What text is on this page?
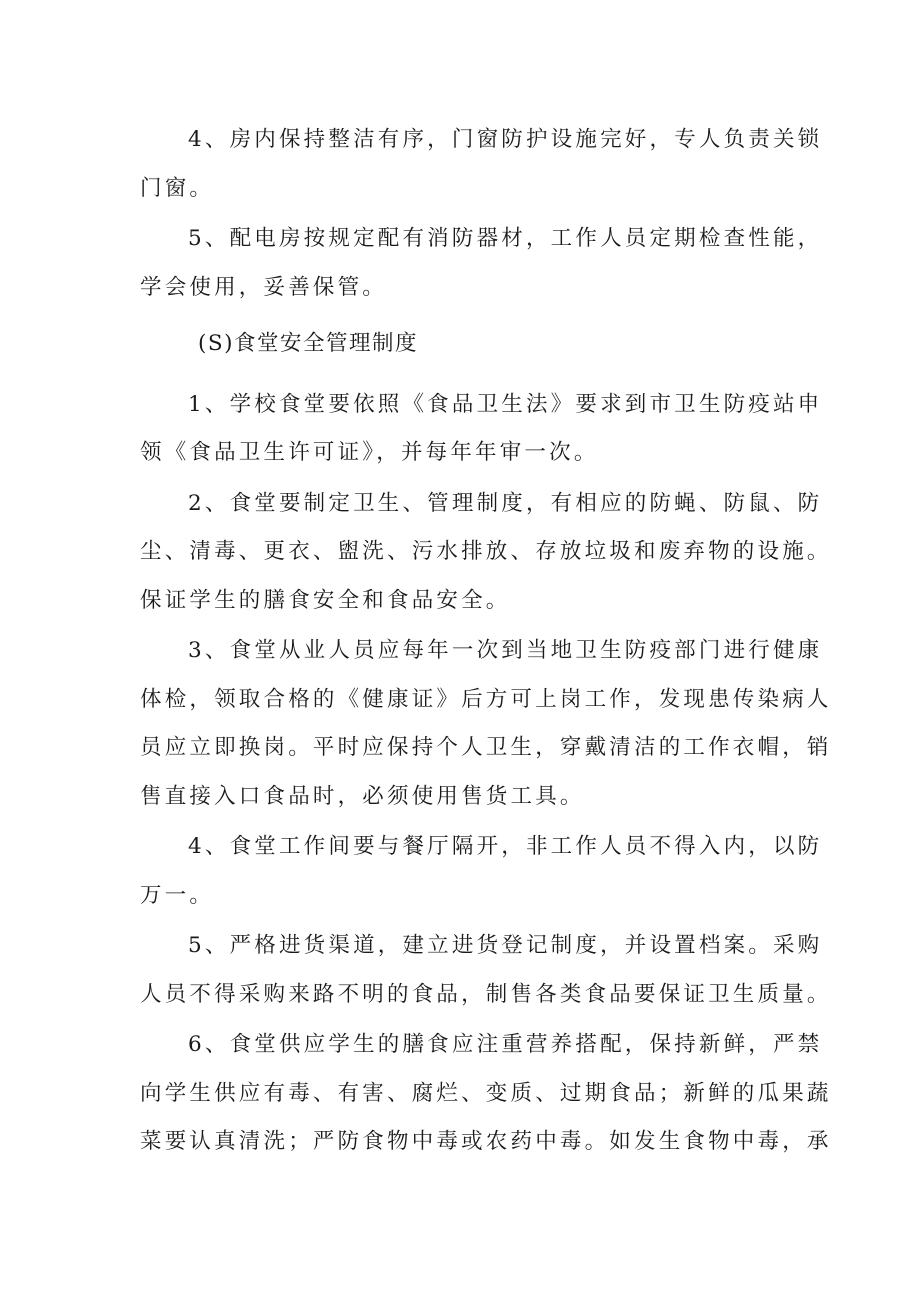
4、房内保持整洁有序，门窗防护设施完好，专人负责关锁
门窗。

5、配电房按规定配有消防器材，工作人员定期检查性能，
学会使用，妥善保管。

(S)食堂安全管理制度

1、学校食堂要依照《食品卫生法》要求到市卫生防疫站申
领《食品卫生许可证》，并每年年审一次。

2、食堂要制定卫生、管理制度，有相应的防蝇、防鼠、防
尘、清毒、更衣、盥洗、污水排放、存放垃圾和废弃物的设施。
保证学生的膳食安全和食品安全。

3、食堂从业人员应每年一次到当地卫生防疫部门进行健康
体检，领取合格的《健康证》后方可上岗工作，发现患传染病人
员应立即换岗。平时应保持个人卫生，穿戴清洁的工作衣帽，销
售直接入口食品时，必须使用售货工具。

4、食堂工作间要与餐厅隔开，非工作人员不得入内，以防
万一。

5、严格进货渠道，建立进货登记制度，并设置档案。采购
人员不得采购来路不明的食品，制售各类食品要保证卫生质量。

6、食堂供应学生的膳食应注重营养搭配，保持新鲜，严禁
向学生供应有毒、有害、腐烂、变质、过期食品；新鲜的瓜果蔬
菜要认真清洗；严防食物中毒或农药中毒。如发生食物中毒，承
